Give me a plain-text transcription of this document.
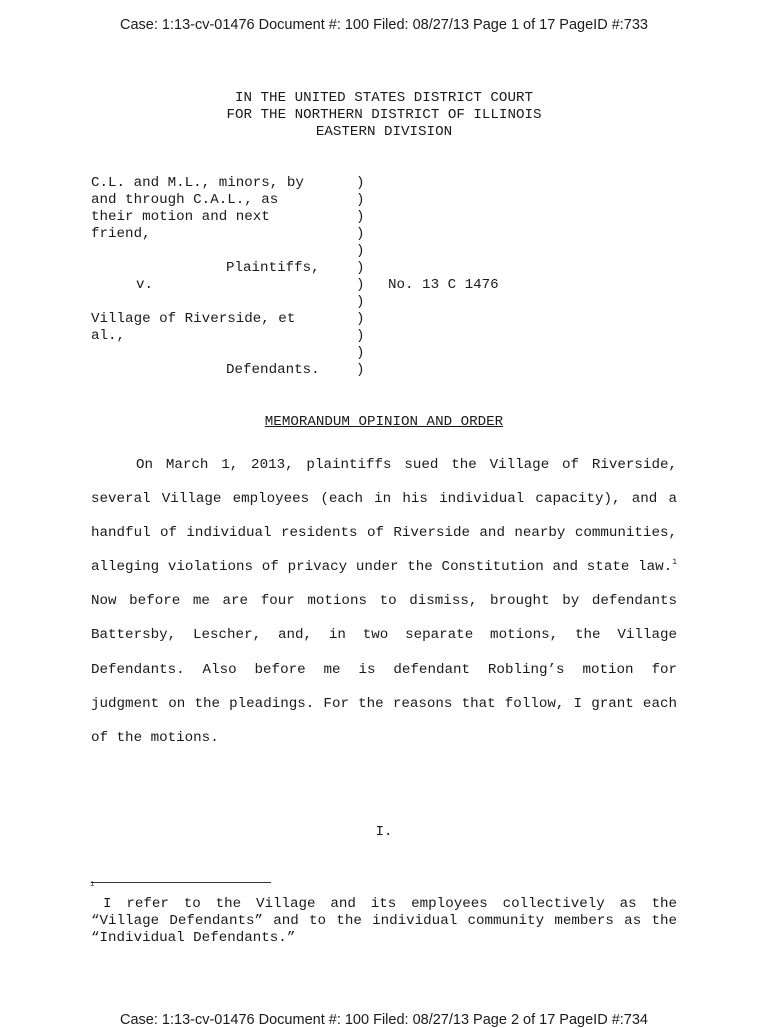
Case: 1:13-cv-01476 Document #: 100 Filed: 08/27/13 Page 1 of 17 PageID #:733
IN THE UNITED STATES DISTRICT COURT
FOR THE NORTHERN DISTRICT OF ILLINOIS
EASTERN DIVISION
C.L. and M.L., minors, by
and through C.A.L., as
their motion and next
friend,
Plaintiffs,
v.	No. 13 C 1476
Village of Riverside, et
al.,
Defendants.
)
)
)
)
)
)
)
)
)
)
)
)
MEMORANDUM OPINION AND ORDER

On March 1, 2013, plaintiffs sued the Village of Riverside, several Village employees (each in his individual capacity), and a handful of individual residents of Riverside and nearby communities, alleging violations of privacy under the Constitution and state law.$^1$ Now before me are four motions to dismiss, brought by defendants Battersby, Lescher, and, in two separate motions, the Village Defendants. Also before me is defendant Robling’s motion for judgment on the pleadings. For the reasons that follow, I grant each of the motions.

I.
1

I refer to the Village and its employees collectively as the “Village Defendants” and to the individual community members as the “Individual Defendants.”

Case: 1:13-cv-01476 Document #: 100 Filed: 08/27/13 Page 2 of 17 PageID #:734
